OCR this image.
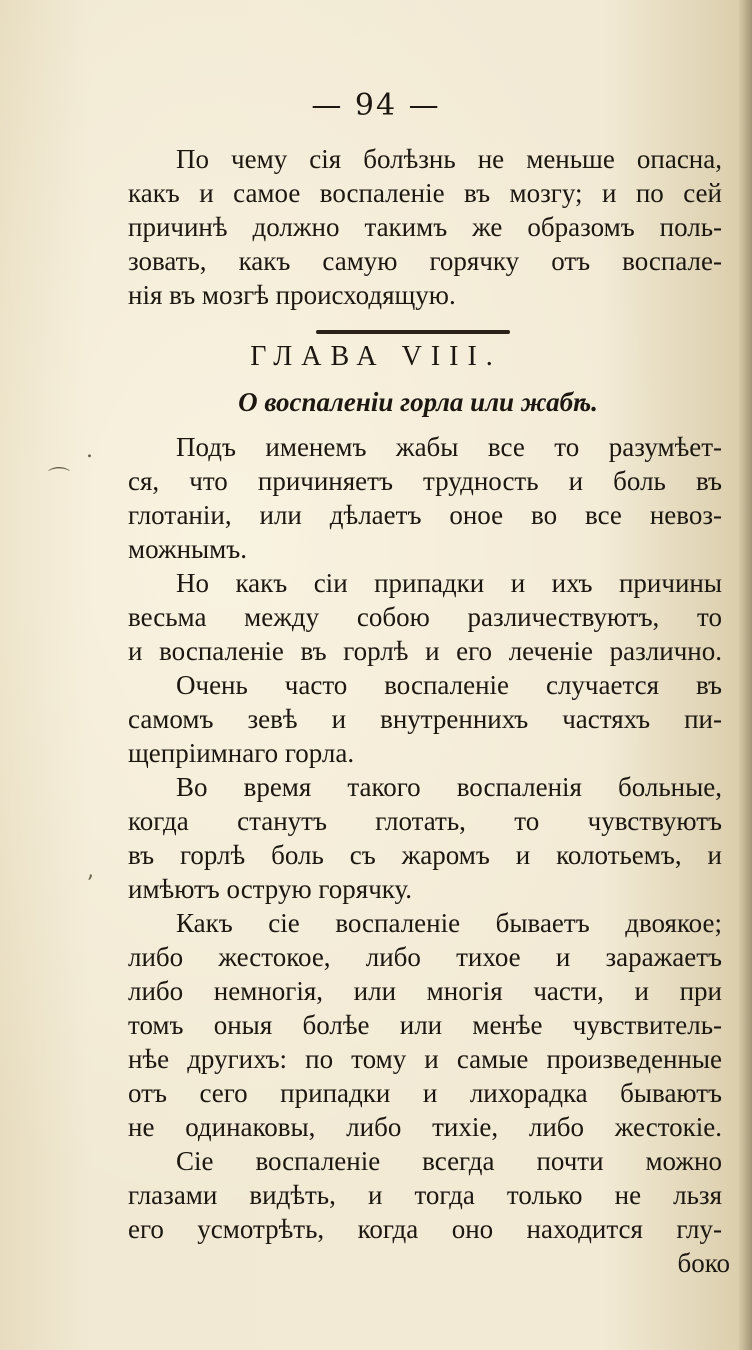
— 94 —
По чему сія болѣзнь не меньше опасна,
какъ и самое воспаленіе въ мозгу; и по сей
причинѣ должно такимъ же образомъ поль-
зовать, какъ самую горячку отъ воспале-
нія въ мозгѣ происходящую.
ГЛАВА VIII.
О воспаленіи горла или жабѣ.
Подъ именемъ жабы все то разумѣет-
ся, что причиняетъ трудность и боль въ
глотаніи, или дѣлаетъ оное во все невоз-
можнымъ.
Но какъ сіи припадки и ихъ причины
весьма между собою различествуютъ, то
и воспаленіе въ горлѣ и его леченіе различно.
Очень часто воспаленіе случается въ
самомъ зевѣ и внутреннихъ частяхъ пи-
щепріимнаго горла.
Во время такого воспаленія больные,
когда станутъ глотать, то чувствуютъ
въ горлѣ боль съ жаромъ и колотьемъ, и
имѣютъ острую горячку.
Какъ сіе воспаленіе бываетъ двоякое;
либо жестокое, либо тихое и заражаетъ
либо немногія, или многія части, и при
томъ оныя болѣе или менѣе чувствитель-
нѣе другихъ: по тому и самые произведенные
отъ сего припадки и лихорадка бываютъ
не одинаковы, либо тихіе, либо жестокіе.
Сіе воспаленіе всегда почти можно
глазами видѣть, и тогда только не льзя
его усмотрѣть, когда оно находится глу-
боко
.
⌒
ʼ
